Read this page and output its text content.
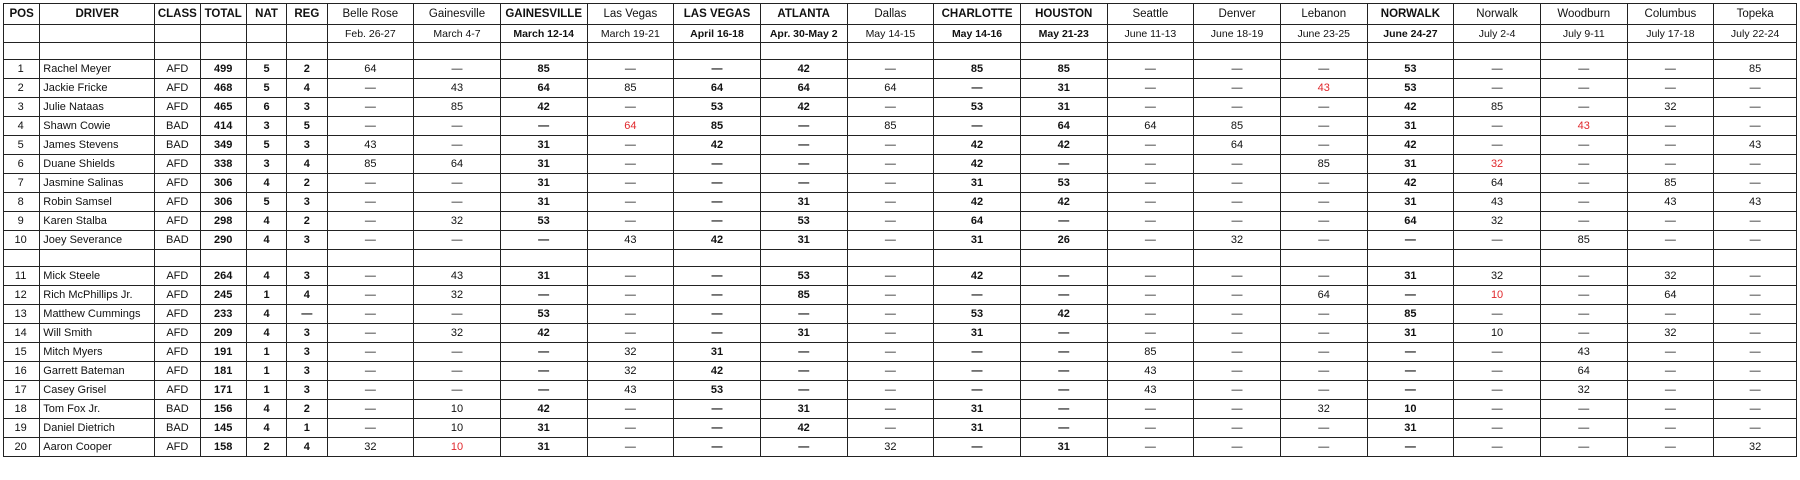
POS	DRIVER	CLASS	TOTAL	NAT	REG	Belle Rose	Gainesville	GAINESVILLE	Las Vegas	LAS VEGAS	ATLANTA	Dallas	CHARLOTTE	HOUSTON	Seattle	Denver	Lebanon	NORWALK	Norwalk	Woodburn	Columbus	Topeka
						Feb. 26-27	March 4-7	March 12-14	March 19-21	April 16-18	Apr. 30-May 2	May 14-15	May 14-16	May 21-23	June 11-13	June 18-19	June 23-25	June 24-27	July 2-4	July 9-11	July 17-18	July 22-24

1	Rachel Meyer	AFD	499	5	2	64	—	85	—	—	42	—	85	85	—	—	—	53	—	—	—	85
2	Jackie Fricke	AFD	468	5	4	—	43	64	85	64	64	64	—	31	—	—	43	53	—	—	—	—
3	Julie Nataas	AFD	465	6	3	—	85	42	—	53	42	—	53	31	—	—	—	42	85	—	32	—
4	Shawn Cowie	BAD	414	3	5	—	—	—	64	85	—	85	—	64	64	85	—	31	—	43	—	—
5	James Stevens	BAD	349	5	3	43	—	31	—	42	—	—	42	42	—	64	—	42	—	—	—	43
6	Duane Shields	AFD	338	3	4	85	64	31	—	—	—	—	42	—	—	—	85	31	32	—	—	—
7	Jasmine Salinas	AFD	306	4	2	—	—	31	—	—	—	—	31	53	—	—	—	42	64	—	85	—
8	Robin Samsel	AFD	306	5	3	—	—	31	—	—	31	—	42	42	—	—	—	31	43	—	43	43
9	Karen Stalba	AFD	298	4	2	—	32	53	—	—	53	—	64	—	—	—	—	64	32	—	—	—
10	Joey Severance	BAD	290	4	3	—	—	—	43	42	31	—	31	26	—	32	—	—	—	85	—	—

11	Mick Steele	AFD	264	4	3	—	43	31	—	—	53	—	42	—	—	—	—	31	32	—	32	—
12	Rich McPhillips Jr.	AFD	245	1	4	—	32	—	—	—	85	—	—	—	—	—	64	—	10	—	64	—
13	Matthew Cummings	AFD	233	4	—	—	—	53	—	—	—	—	53	42	—	—	—	85	—	—	—	—
14	Will Smith	AFD	209	4	3	—	32	42	—	—	31	—	31	—	—	—	—	31	10	—	32	—
15	Mitch Myers	AFD	191	1	3	—	—	—	32	31	—	—	—	—	85	—	—	—	—	43	—	—
16	Garrett Bateman	AFD	181	1	3	—	—	—	32	42	—	—	—	—	43	—	—	—	—	64	—	—
17	Casey Grisel	AFD	171	1	3	—	—	—	43	53	—	—	—	—	43	—	—	—	—	32	—	—
18	Tom Fox Jr.	BAD	156	4	2	—	10	42	—	—	31	—	31	—	—	—	32	10	—	—	—	—
19	Daniel Dietrich	BAD	145	4	1	—	10	31	—	—	42	—	31	—	—	—	—	31	—	—	—	—
20	Aaron Cooper	AFD	158	2	4	32	10	31	—	—	—	32	—	31	—	—	—	—	—	—	—	32
